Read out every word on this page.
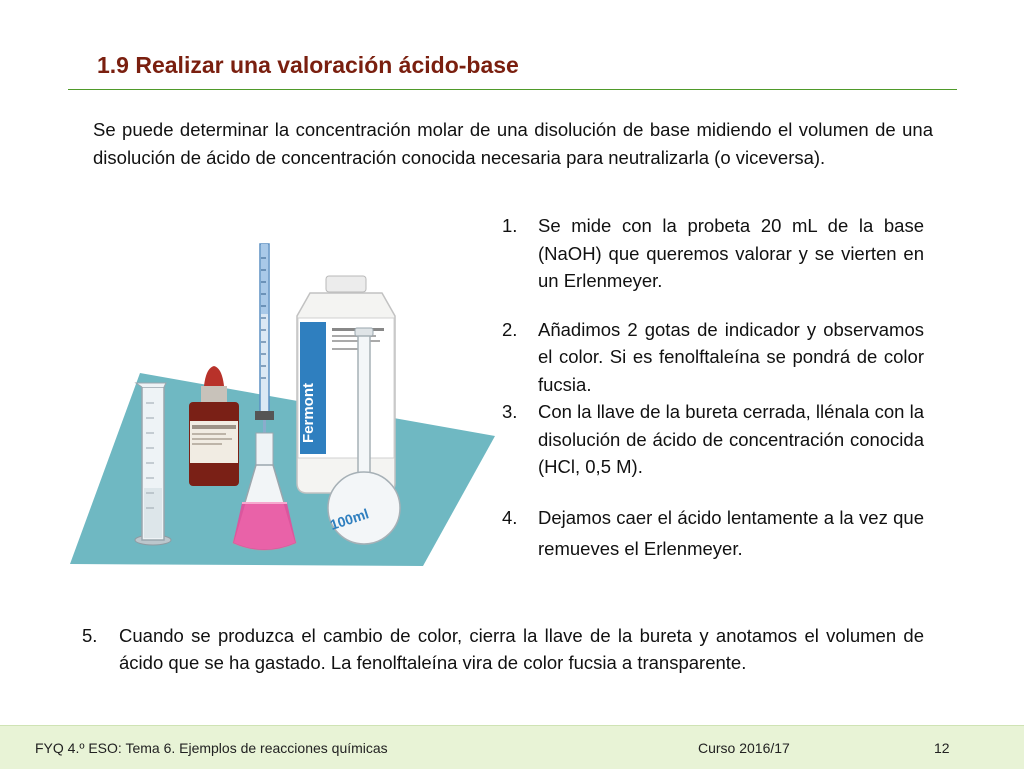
1.9 Realizar una valoración ácido-base

Se puede determinar la concentración molar de una disolución de base midiendo el volumen de una disolución de ácido de concentración conocida necesaria para neutralizarla (o viceversa).

Fermont
100ml
1. Se mide con la probeta 20 mL de la base (NaOH) que queremos valorar y se vierten en un Erlenmeyer.
2. Añadimos 2 gotas de indicador y observamos el color. Si es fenolftaleína se pondrá de color fucsia.
3. Con la llave de la bureta cerrada, llénala con la disolución de ácido de concentración conocida (HCl, 0,5 M).
4. Dejamos caer el ácido lentamente a la vez que remueves el Erlenmeyer.

5. Cuando se produzca el cambio de color, cierra la llave de la bureta y anotamos el volumen de ácido que se ha gastado. La fenolftaleína vira de color fucsia a transparente.

FYQ 4.º ESO: Tema 6. Ejemplos de reacciones químicas	Curso 2016/17	12
